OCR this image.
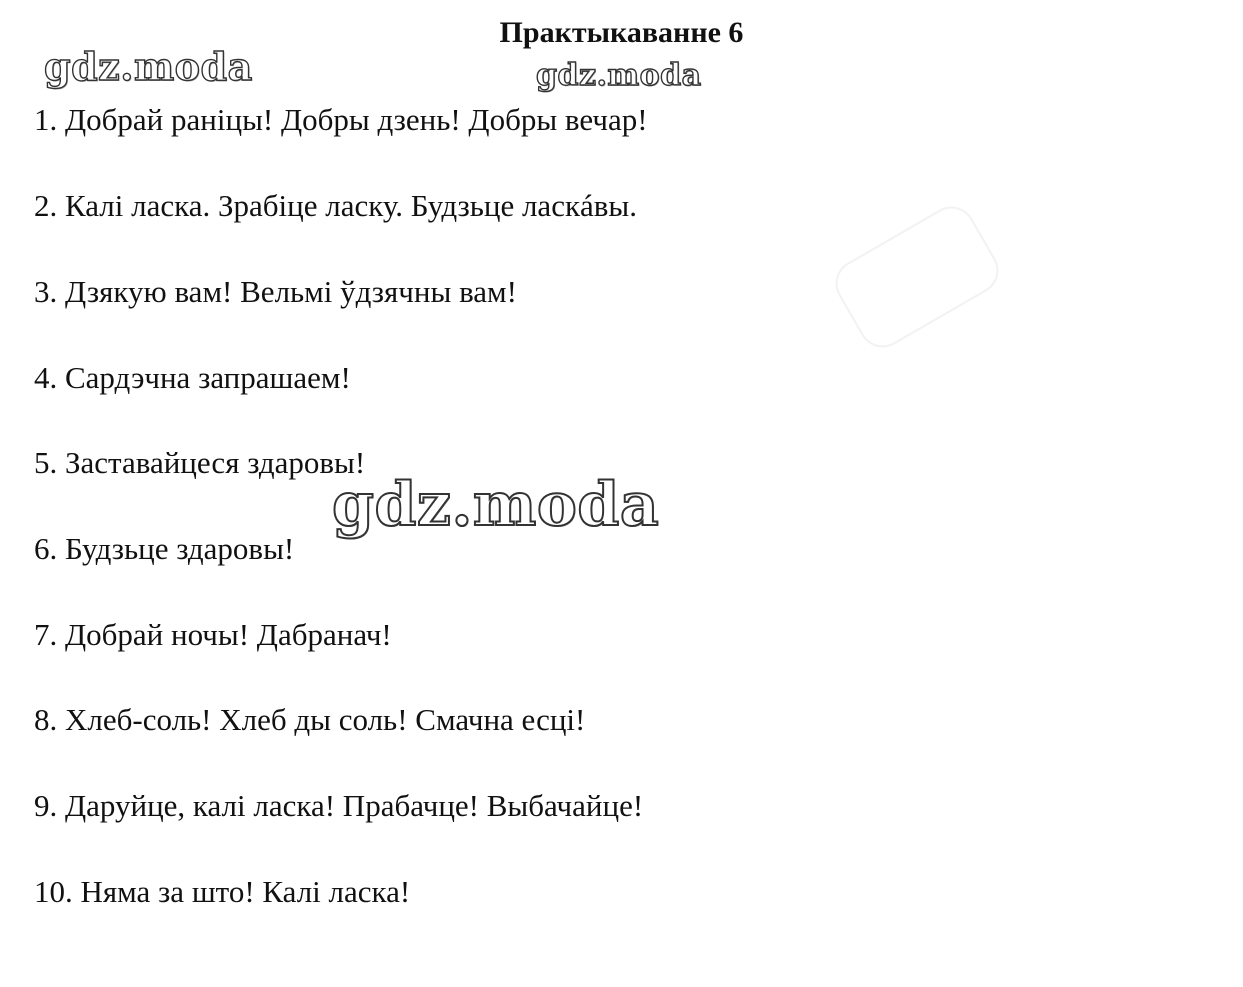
Практыкаванне 6
gdz.moda	gdz.moda
1. Добрай раніцы! Добры дзень! Добры вечар!
2. Калі ласка. Зрабіце ласку. Будзьце ласкáвы.
3. Дзякую вам! Вельмі ўдзячны вам!
4. Сардэчна запрашаем!
5. Заставайцеся здаровы!
6. Будзьце здаровы!
7. Добрай ночы! Дабранач!
8. Хлеб-соль! Хлеб ды соль! Смачна есці!
9. Даруйце, калі ласка! Прабачце! Выбачайце!
10. Няма за што! Калі ласка!
gdz.moda
